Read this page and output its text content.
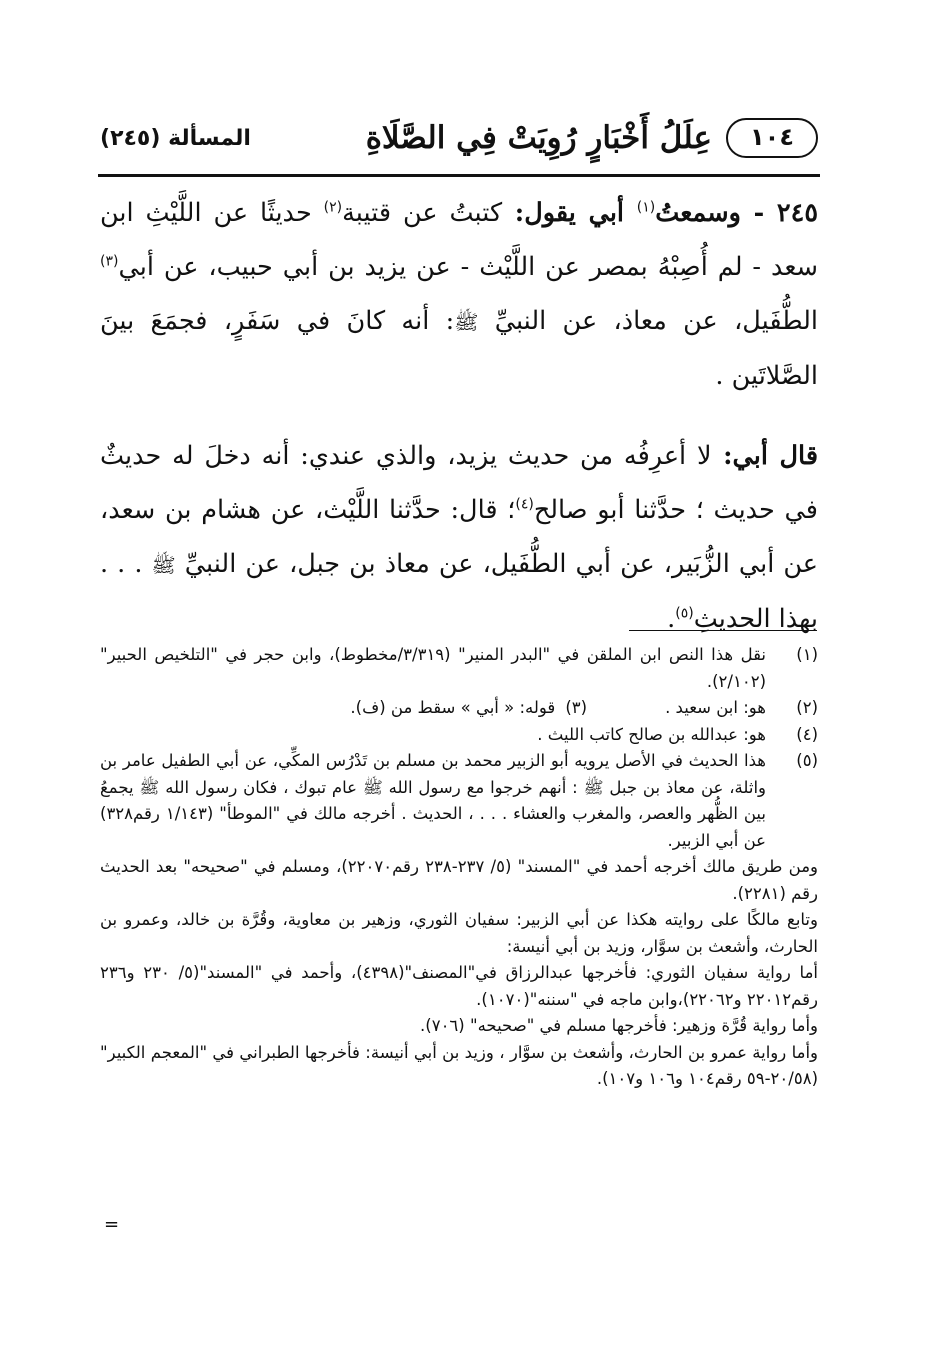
١٠٤
عِلَلُ أَخْبَارٍ رُوِيَتْ فِي الصَّلَاةِ
المسألة (٢٤٥)

٢٤٥ - وسمعتُ$^{(١)}$ أبي يقول: كتبتُ عن قتيبة$^{(٢)}$ حديثًا عن اللَّيْثِ ابن سعد - لم أُصِبْهُ بمصر عن اللَّيْث - عن يزيد بن أبي حبيب، عن أبي$^{(٣)}$ الطُّفَيل، عن معاذ، عن النبيِّ ﷺ: أنه كانَ في سَفَرٍ، فجمَعَ بينَ الصَّلاتَين .

قال أبي: لا أعرِفُه من حديث يزيد، والذي عندي: أنه دخلَ له حديثٌ في حديث ؛ حدَّثنا أبو صالح$^{(٤)}$؛ قال: حدَّثنا اللَّيْث، عن هشام بن سعد، عن أبي الزُّبَير، عن أبي الطُّفَيل، عن معاذ بن جبل، عن النبيِّ ﷺ . . . بهذا الحديثِ$^{(٥)}$.

(١)
نقل هذا النص ابن الملقن في "البدر المنير" (٣/٣١٩/مخطوط)، وابن حجر في "التلخيص الحبير" (٢/١٠٢).
(٢)
هو: ابن سعيد .
(٣)
قوله: « أبي » سقط من (ف).
(٤)
هو: عبدالله بن صالح كاتب الليث .
(٥)
هذا الحديث في الأصل يرويه أبو الزبير محمد بن مسلم بن تَدْرُس المكِّي، عن أبي الطفيل عامر بن واثلة، عن معاذ بن جبل ﷺ : أنهم خرجوا مع رسول الله ﷺ عام تبوك ، فكان رسول الله ﷺ يجمعُ بين الظُّهر والعصر، والمغرب والعشاء . . . ، الحديث . أخرجه مالك في "الموطأ" (١/١٤٣ رقم٣٢٨) عن أبي الزبير.

ومن طريق مالك أخرجه أحمد في "المسند" (٥/ ٢٣٧-٢٣٨ رقم٢٢٠٧٠)، ومسلم في "صحيحه" بعد الحديث رقم (٢٢٨١).

وتابع مالكًا على روايته هكذا عن أبي الزبير: سفيان الثوري، وزهير بن معاوية، وقُرَّة بن خالد، وعمرو بن الحارث، وأشعث بن سوَّار، وزيد بن أبي أنيسة:

أما رواية سفيان الثوري: فأخرجها عبدالرزاق في"المصنف"(٤٣٩٨)، وأحمد في "المسند"(٥/ ٢٣٠ و٢٣٦ رقم٢٢٠١٢ و٢٢٠٦٢)،وابن ماجه في "سننه"(١٠٧٠).

وأما رواية قُرَّة وزهير: فأخرجها مسلم في "صحيحه" (٧٠٦).

وأما رواية عمرو بن الحارث، وأشعث بن سوَّار ، وزيد بن أبي أنيسة: فأخرجها الطبراني في "المعجم الكبير" (٢٠/٥٨-٥٩ رقم١٠٤ و١٠٦ و١٠٧).

=
